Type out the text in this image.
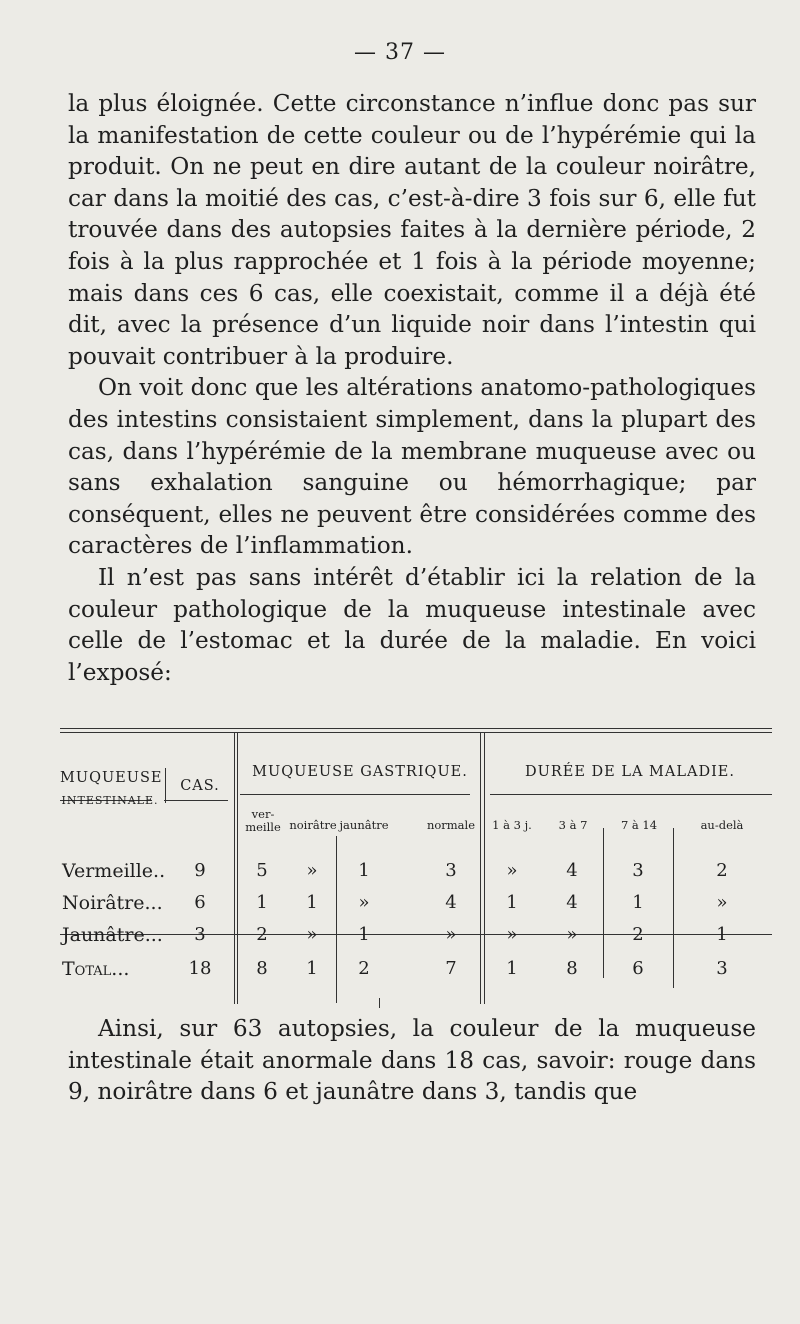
— 37 —

la plus éloignée. Cette circonstance n’influe donc pas sur la manifestation de cette couleur ou de l’hypérémie qui la produit. On ne peut en dire autant de la couleur noirâtre, car dans la moitié des cas, c’est-à-dire 3 fois sur 6, elle fut trouvée dans des autopsies faites à la dernière période, 2 fois à la plus rapprochée et 1 fois à la période moyenne; mais dans ces 6 cas, elle coexistait, comme il a déjà été dit, avec la présence d’un liquide noir dans l’intestin qui pouvait contribuer à la produire.

On voit donc que les altérations anatomo-pathologiques des intestins consistaient simplement, dans la plupart des cas, dans l’hypérémie de la membrane muqueuse avec ou sans exhalation sanguine ou hémorrhagique; par conséquent, elles ne peuvent être considérées comme des caractères de l’inflammation.

Il n’est pas sans intérêt d’établir ici la relation de la couleur pathologique de la muqueuse intestinale avec celle de l’estomac et la durée de la maladie. En voici l’exposé:

MUQUEUSE
INTESTINALE.
CAS.
MUQUEUSE GASTRIQUE.	DURÉE DE LA MALADIE.
ver-
meille noirâtre jaunâtre	normale	1 à 3 j.	3 à 7	7 à 14	au-delà
Vermeille..	9	5	»	1	3	»	4	3	2
Noirâtre...	6	1	1	»	4	1	4	1	»
Jaunâtre...	3	2	»	1	»	»	»	2	1
Total...	18	8	1	2	7	1	8	6	3

Ainsi, sur 63 autopsies, la couleur de la muqueuse intestinale était anormale dans 18 cas, savoir: rouge dans 9, noirâtre dans 6 et jaunâtre dans 3, tandis que
